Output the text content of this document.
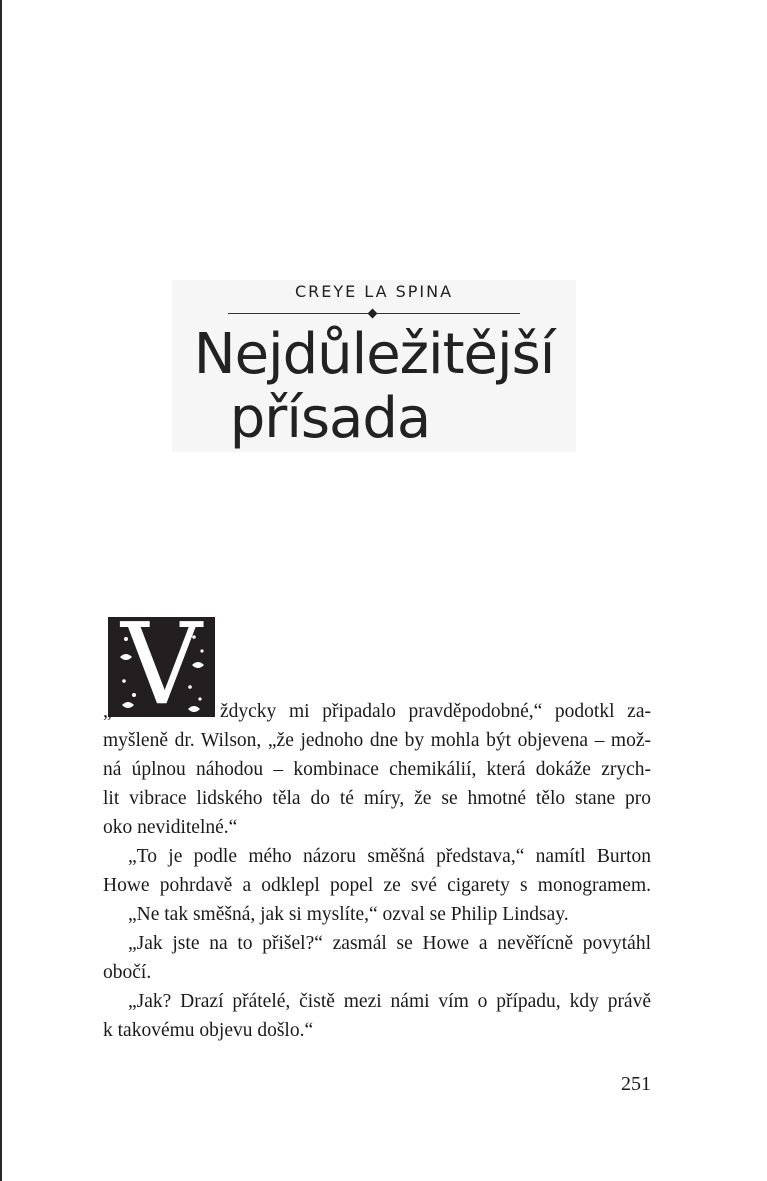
CREYE LA SPINA
Nejdůležitější
přísada
V
„	ždycky mi připadalo pravděpodobné,“ podotkl za-
myšleně dr. Wilson, „že jednoho dne by mohla být objevena – mož-
ná úplnou náhodou – kombinace chemikálií, která dokáže zrych-
lit vibrace lidského těla do té míry, že se hmotné tělo stane pro
oko neviditelné.“
„To je podle mého názoru směšná představa,“ namítl Burton
Howe pohrdavě a odklepl popel ze své cigarety s monogramem.
„Ne tak směšná, jak si myslíte,“ ozval se Philip Lindsay.
„Jak jste na to přišel?“ zasmál se Howe a nevěřícně povytáhl
obočí.
„Jak? Drazí přátelé, čistě mezi námi vím o případu, kdy právě
k takovému objevu došlo.“
251
